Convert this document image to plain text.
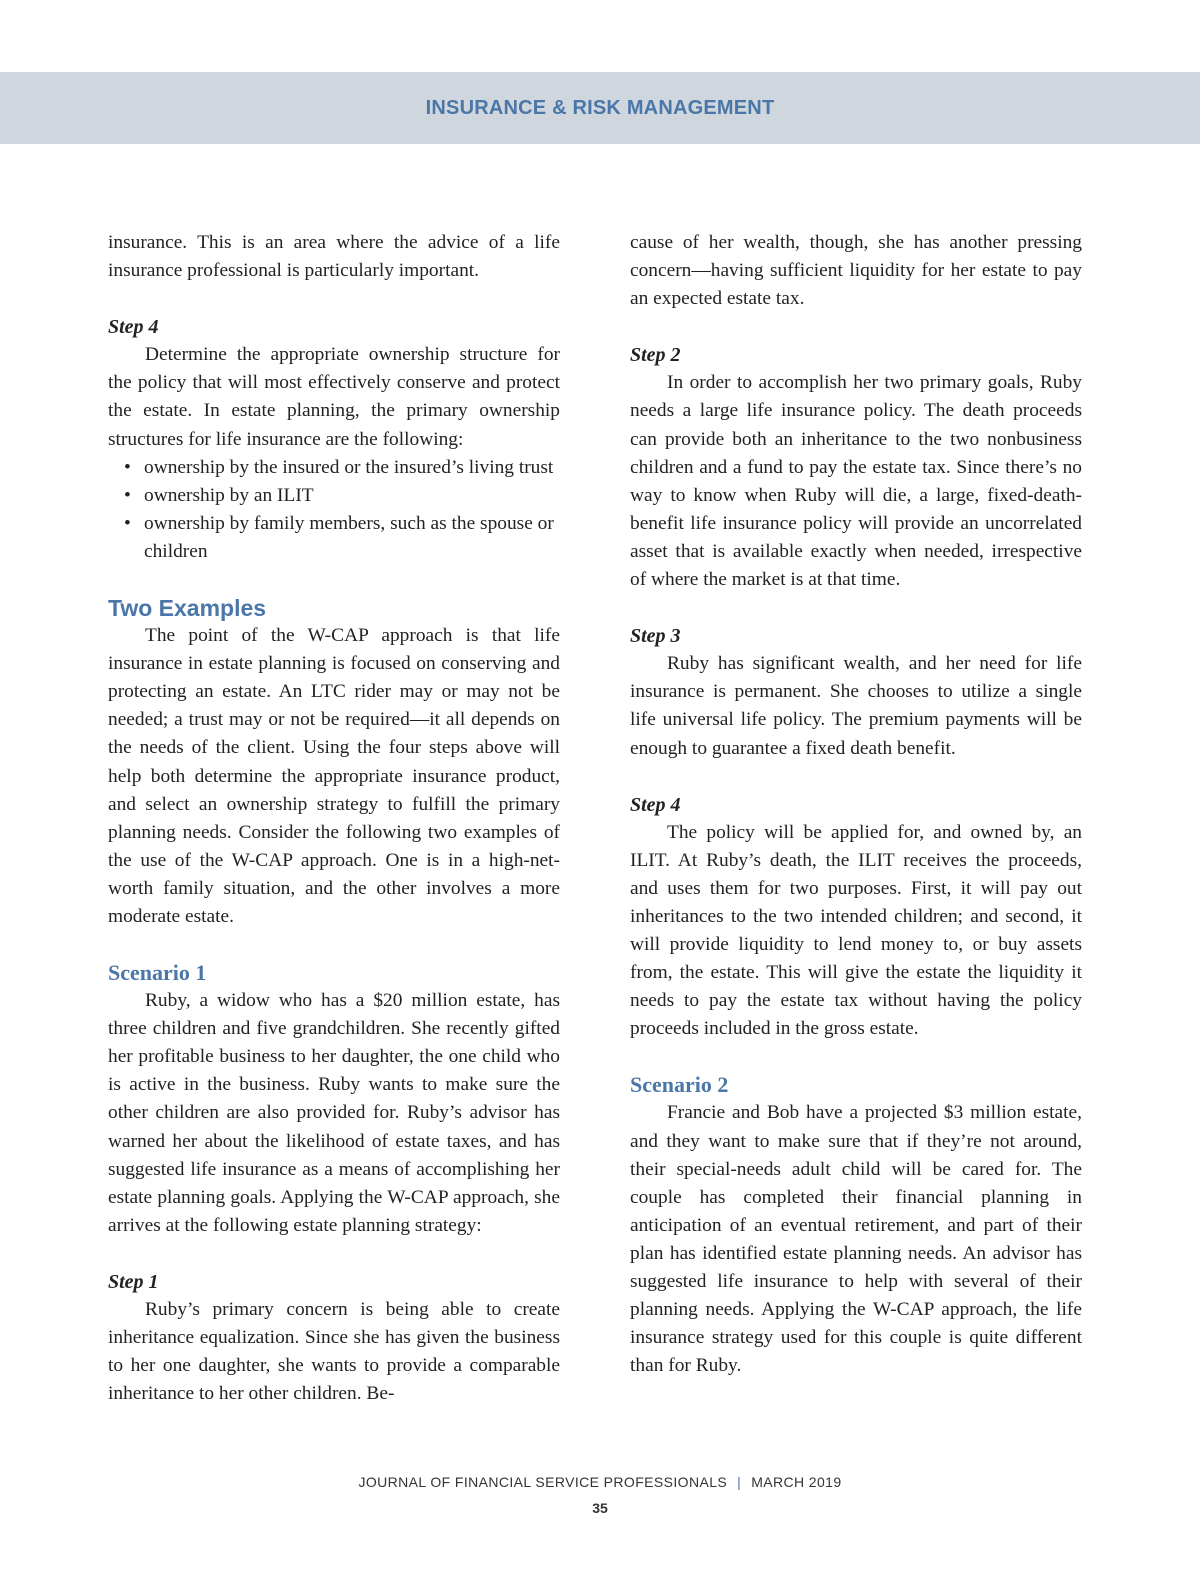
INSURANCE & RISK MANAGEMENT

insurance. This is an area where the advice of a life insurance professional is particularly important.

Step 4

Determine the appropriate ownership structure for the policy that will most effectively conserve and protect the estate. In estate planning, the primary ownership structures for life insurance are the following:

• ownership by the insured or the insured’s living trust
• ownership by an ILIT
• ownership by family members, such as the spouse or children
Two Examples

The point of the W-CAP approach is that life insurance in estate planning is focused on conserving and protecting an estate. An LTC rider may or may not be needed; a trust may or not be required—it all depends on the needs of the client. Using the four steps above will help both determine the appropriate insurance product, and select an ownership strategy to fulfill the primary planning needs. Consider the following two examples of the use of the W-CAP approach. One is in a high-net-worth family situation, and the other involves a more moderate estate.

Scenario 1

Ruby, a widow who has a $20 million estate, has three children and five grandchildren. She recently gifted her profitable business to her daughter, the one child who is active in the business. Ruby wants to make sure the other children are also provided for. Ruby’s advisor has warned her about the likelihood of estate taxes, and has suggested life insurance as a means of accomplishing her estate planning goals. Applying the W-CAP approach, she arrives at the following estate planning strategy:

Step 1

Ruby’s primary concern is being able to create inheritance equalization. Since she has given the business to her one daughter, she wants to provide a comparable inheritance to her other children. Be-

cause of her wealth, though, she has another pressing concern—having sufficient liquidity for her estate to pay an expected estate tax.

Step 2

In order to accomplish her two primary goals, Ruby needs a large life insurance policy. The death proceeds can provide both an inheritance to the two nonbusiness children and a fund to pay the estate tax. Since there’s no way to know when Ruby will die, a large, fixed-death-benefit life insurance policy will provide an uncorrelated asset that is available exactly when needed, irrespective of where the market is at that time.

Step 3

Ruby has significant wealth, and her need for life insurance is permanent. She chooses to utilize a single life universal life policy. The premium payments will be enough to guarantee a fixed death benefit.

Step 4

The policy will be applied for, and owned by, an ILIT. At Ruby’s death, the ILIT receives the proceeds, and uses them for two purposes. First, it will pay out inheritances to the two intended children; and second, it will provide liquidity to lend money to, or buy assets from, the estate. This will give the estate the liquidity it needs to pay the estate tax without having the policy proceeds included in the gross estate.

Scenario 2

Francie and Bob have a projected $3 million estate, and they want to make sure that if they’re not around, their special-needs adult child will be cared for. The couple has completed their financial planning in anticipation of an eventual retirement, and part of their plan has identified estate planning needs. An advisor has suggested life insurance to help with several of their planning needs. Applying the W-CAP approach, the life insurance strategy used for this couple is quite different than for Ruby.

JOURNAL OF FINANCIAL SERVICE PROFESSIONALS | MARCH 2019
35
